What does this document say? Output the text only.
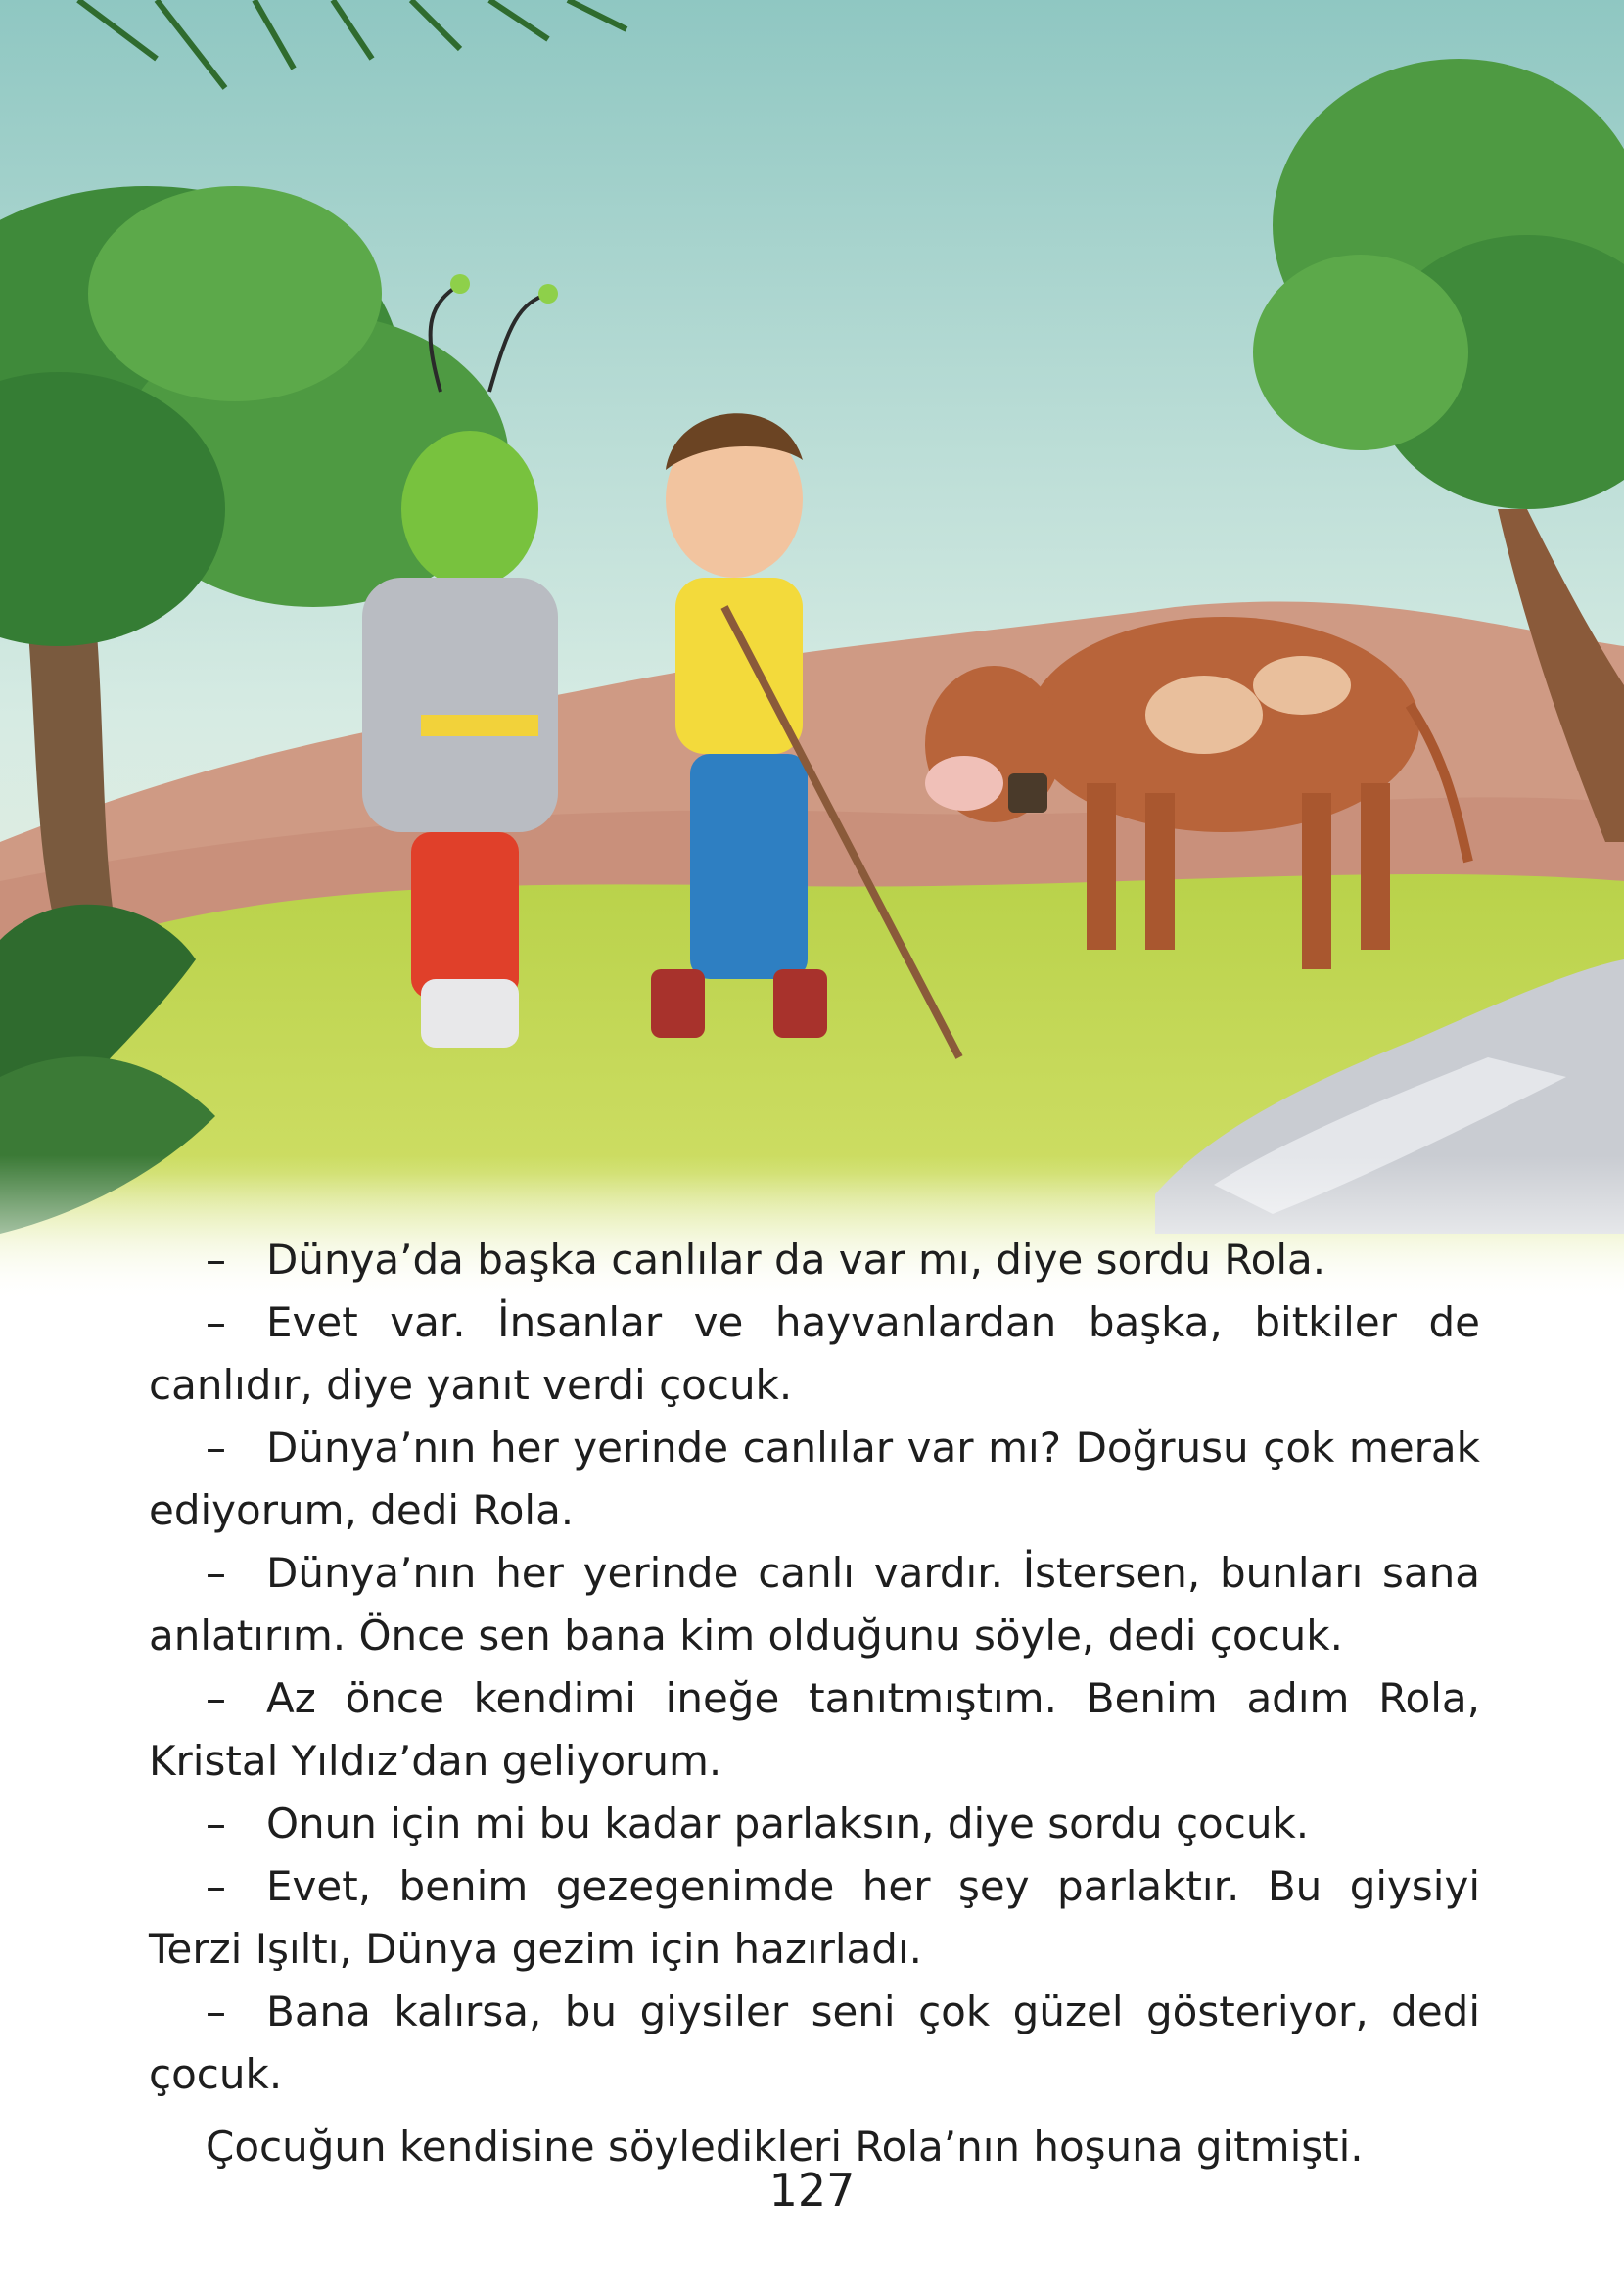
– Dünya’da başka canlılar da var mı, diye sordu Rola.

– Evet var. İnsanlar ve hayvanlardan başka, bitkiler de canlıdır, diye yanıt verdi çocuk.

– Dünya’nın her yerinde canlılar var mı? Doğrusu çok merak ediyorum, dedi Rola.

– Dünya’nın her yerinde canlı vardır. İstersen, bunları sana anlatırım. Önce sen bana kim olduğunu söyle, dedi çocuk.

– Az önce kendimi ineğe tanıtmıştım. Benim adım Rola, Kristal Yıldız’dan geliyorum.

– Onun için mi bu kadar parlaksın, diye sordu çocuk.

– Evet, benim gezegenimde her şey parlaktır. Bu giysiyi Terzi Işıltı, Dünya gezim için hazırladı.

– Bana kalırsa, bu giysiler seni çok güzel gösteriyor, dedi çocuk.

Çocuğun kendisine söyledikleri Rola’nın hoşuna gitmişti.

127
